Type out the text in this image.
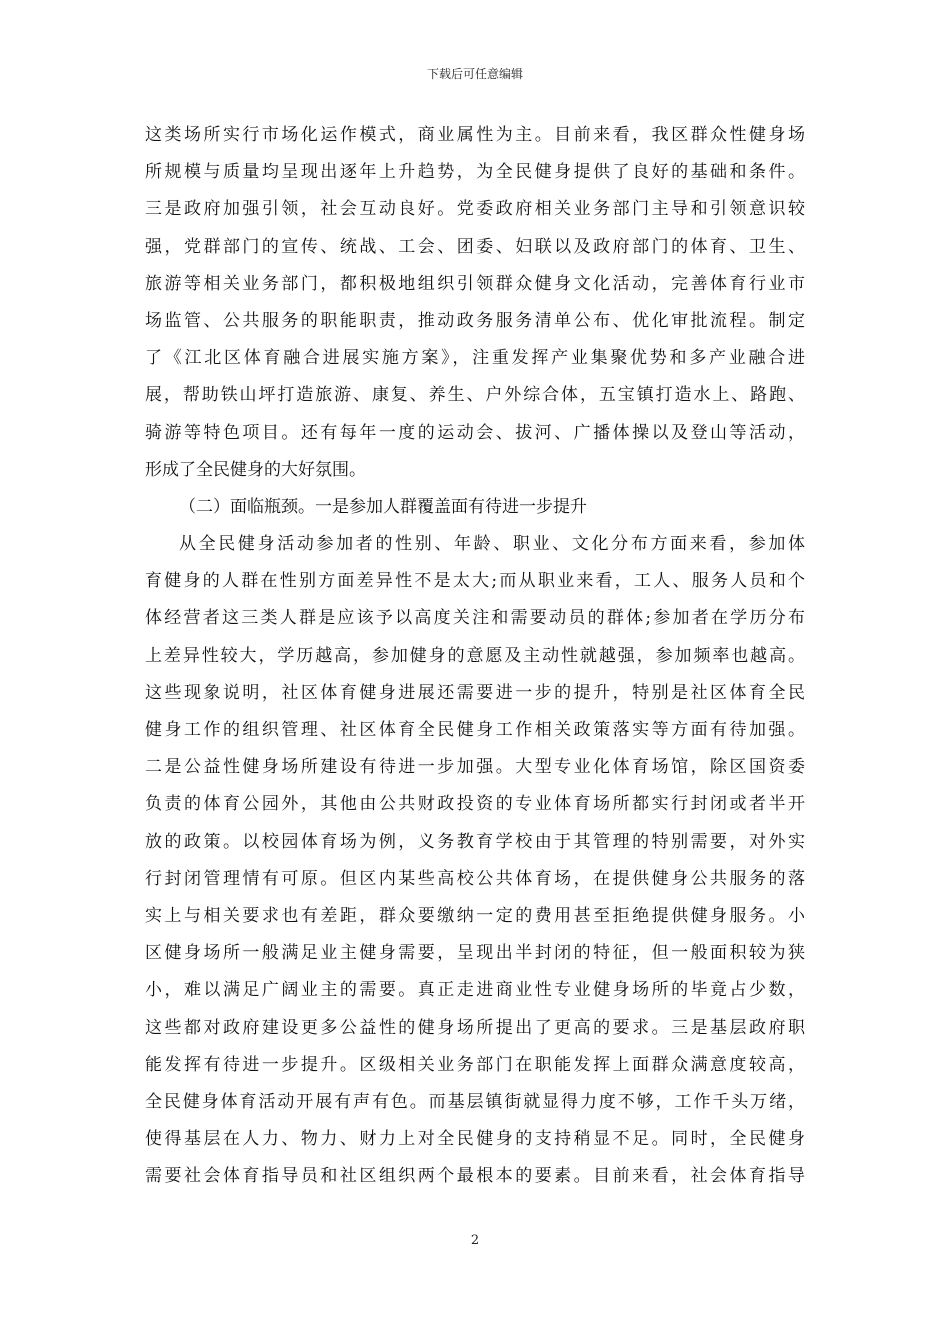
下载后可任意编辑
这类场所实行市场化运作模式，商业属性为主。目前来看，我区群众性健身场
所规模与质量均呈现出逐年上升趋势，为全民健身提供了良好的基础和条件。
三是政府加强引领，社会互动良好。党委政府相关业务部门主导和引领意识较
强，党群部门的宣传、统战、工会、团委、妇联以及政府部门的体育、卫生、
旅游等相关业务部门，都积极地组织引领群众健身文化活动，完善体育行业市
场监管、公共服务的职能职责，推动政务服务清单公布、优化审批流程。制定
了《江北区体育融合进展实施方案》，注重发挥产业集聚优势和多产业融合进
展，帮助铁山坪打造旅游、康复、养生、户外综合体，五宝镇打造水上、路跑、
骑游等特色项目。还有每年一度的运动会、拔河、广播体操以及登山等活动，
形成了全民健身的大好氛围。
（二）面临瓶颈。一是参加人群覆盖面有待进一步提升
从全民健身活动参加者的性别、年龄、职业、文化分布方面来看，参加体
育健身的人群在性别方面差异性不是太大;而从职业来看，工人、服务人员和个
体经营者这三类人群是应该予以高度关注和需要动员的群体;参加者在学历分布
上差异性较大，学历越高，参加健身的意愿及主动性就越强，参加频率也越高。
这些现象说明，社区体育健身进展还需要进一步的提升，特别是社区体育全民
健身工作的组织管理、社区体育全民健身工作相关政策落实等方面有待加强。
二是公益性健身场所建设有待进一步加强。大型专业化体育场馆，除区国资委
负责的体育公园外，其他由公共财政投资的专业体育场所都实行封闭或者半开
放的政策。以校园体育场为例，义务教育学校由于其管理的特别需要，对外实
行封闭管理情有可原。但区内某些高校公共体育场，在提供健身公共服务的落
实上与相关要求也有差距，群众要缴纳一定的费用甚至拒绝提供健身服务。小
区健身场所一般满足业主健身需要，呈现出半封闭的特征，但一般面积较为狭
小，难以满足广阔业主的需要。真正走进商业性专业健身场所的毕竟占少数，
这些都对政府建设更多公益性的健身场所提出了更高的要求。三是基层政府职
能发挥有待进一步提升。区级相关业务部门在职能发挥上面群众满意度较高，
全民健身体育活动开展有声有色。而基层镇街就显得力度不够，工作千头万绪，
使得基层在人力、物力、财力上对全民健身的支持稍显不足。同时，全民健身
需要社会体育指导员和社区组织两个最根本的要素。目前来看，社会体育指导
2
